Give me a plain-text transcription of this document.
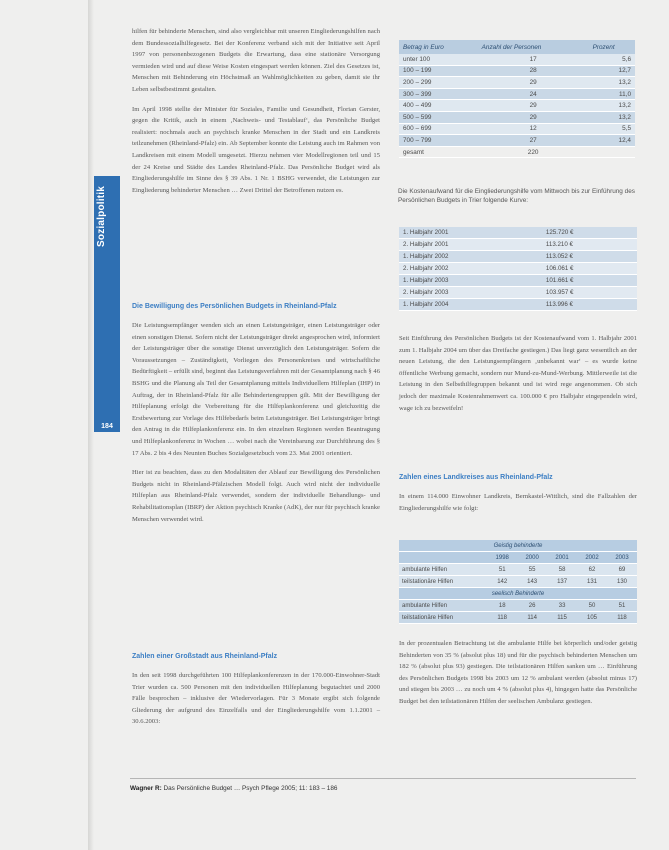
Sozialpolitik
184

hilfen für behinderte Menschen, sind also vergleichbar mit unseren Eingliederungshilfen nach dem Bundessozialhilfegesetz. Bei der Konferenz verband sich mit der Initiative seit April 1997 von personenbezogenen Budgets die Erwartung, dass eine stationäre Versorgung vermieden wird und auf diese Weise Kosten eingespart werden können. Ziel des Gesetzes ist, Menschen mit Behinderung ein Höchstmaß an Wahlmöglichkeiten zu geben, damit sie ihr Leben selbstbestimmt gestalten.

Im April 1998 stellte der Minister für Soziales, Familie und Gesundheit, Florian Gerster, gegen die Kritik, auch in einem ‚Nachweis- und Testablauf‘, das Persönliche Budget realisiert: nochmals auch an psychisch kranke Menschen in der Stadt und ein Landkreis teilzunehmen (Rheinland-Pfalz) ein. Ab September konnte die Leistung auch im Rahmen von Landkreisen mit einem Modell umgesetzt. Hierzu nehmen vier Modellregionen teil und 15 der 24 Kreise und Städte des Landes Rheinland-Pfalz. Das Persönliche Budget wird als Eingliederungshilfe im Sinne des § 39 Abs. 1 Nr. 1 BSHG verwendet, die Leistungen zur Eingliederung behinderter Menschen … Zwei Drittel der Betroffenen nutzen es.

Die Bewilligung des Persönlichen Budgets in Rheinland-Pfalz

Die Leistungsempfänger wenden sich an einen Leistungsträger, einen Leistungsträger oder einen sonstigen Dienst. Sofern nicht der Leistungsträger direkt angesprochen wird, informiert der Leistungsträger über die sonstige Dienst unverzüglich den Leistungsträger. Sofern die Voraussetzungen – Zuständigkeit, Vorliegen des Personenkreises und wirtschaftliche Bedürftigkeit – erfüllt sind, beginnt das Leistungsverfahren mit der Gesamtplanung nach § 46 BSHG und die Planung als Teil der Gesamtplanung mittels Individuellem Hilfeplan (IHP) in Auftrag, der in Rheinland-Pfalz für alle Behindertengruppen gilt. Mit der Bewilligung der Hilfeplanung erfolgt die Vorbereitung für die Hilfeplankonferenz und gleichzeitig die Erstbewertung zur Vorlage des Hilfebedarfs beim Leistungsträger. Bei Leistungsträger bringt den Antrag in die Hilfeplankonferenz ein. In den einzelnen Regionen werden Beantragung und Hilfeplankonferenz in Wochen … wobei nach die Vereinbarung zur Durchführung des § 17 Abs. 2 bis 4 des Neunten Buches Sozialgesetzbuch vom 23. Mai 2001 orientiert.

Hier ist zu beachten, dass zu den Modalitäten der Ablauf zur Bewilligung des Persönlichen Budgets nicht in Rheinland-Pfälzischen Modell folgt. Auch wird nicht der individuelle Hilfeplan aus Rheinland-Pfalz verwendet, sondern der individuelle Behandlungs- und Rehabilitationsplan (IBRP) der Aktion psychisch Kranke (AdK), der nur für psychisch kranke Menschen verwendet wird.

Zahlen einer Großstadt aus Rheinland-Pfalz

In den seit 1998 durchgeführten 100 Hilfeplankonferenzen in der 170.000-Einwohner-Stadt Trier wurden ca. 500 Personen mit den individuellen Hilfeplanung begutachtet und 2000 Fälle besprochen – inklusive der Wiedervorlagen. Für 3 Monate ergibt sich folgende Gliederung der aufgrund des Einzelfalls und der Eingliederungshilfe vom 1.1.2001 – 30.6.2003:

Betrag in Euro	Anzahl der Personen	Prozent
unter 100	17	5,6
100 – 199	28	12,7
200 – 299	29	13,2
300 – 399	24	11,0
400 – 499	29	13,2
500 – 599	29	13,2
600 – 699	12	5,5
700 – 799	27	12,4
gesamt	220	
Die Kostenaufwand für die Eingliederungshilfe vom Mittwoch bis zur Einführung des Persönlichen Budgets in Trier folgende Kurve:
1. Halbjahr 2001	125.720 €
2. Halbjahr 2001	113.210 €
1. Halbjahr 2002	113.052 €
2. Halbjahr 2002	106.061 €
1. Halbjahr 2003	101.661 €
2. Halbjahr 2003	103.957 €
1. Halbjahr 2004	113.996 €

Seit Einführung des Persönlichen Budgets ist der Kostenaufwand vom 1. Halbjahr 2001 zum 1. Halbjahr 2004 um über das Dreifache gestiegen.) Das liegt ganz wesentlich an der neuen Leistung, die den Leistungsempfängern ‚unbekannt war‘ – es wurde keine öffentliche Werbung gemacht, sondern nur Mund-zu-Mund-Werbung. Mittlerweile ist die Leistung in den Selbsthilfegruppen bekannt und ist wird rege angenommen. Ob sich jedoch der maximale Kostenrahmenwert ca. 100.000 € pro Halbjahr eingependeln wird, wage ich zu bezweifeln!

Zahlen eines Landkreises aus Rheinland-Pfalz

In einem 114.000 Einwohner Landkreis, Bernkastel-Wittlich, sind die Fallzahlen der Eingliederungshilfe wie folgt:

Geistig behinderte					
	1998	2000	2001	2002	2003
ambulante Hilfen	51	55	58	62	69
teilstationäre Hilfen	142	143	137	131	130
seelisch Behinderte					
ambulante Hilfen	18	26	33	50	51
teilstationäre Hilfen	118	114	115	105	118

In der prozentualen Betrachtung ist die ambulante Hilfe bei körperlich und/oder geistig Behinderten von 35 % (absolut plus 18) und für die psychisch behinderten Menschen um 182 % (absolut plus 93) gestiegen. Die teilstationären Hilfen sanken um … Einführung des Persönlichen Budgets 1998 bis 2003 um 12 % ambulant werden (absolut minus 17) und stiegen bis 2003 … zu noch um 4 % (absolut plus 4), hingegen hatte das Persönliche Budget bei den teilstationären Hilfen der seelischen Ambulanz gestiegen.

Wagner R: Das Persönliche Budget … Psych Pflege 2005; 11: 183 – 186
